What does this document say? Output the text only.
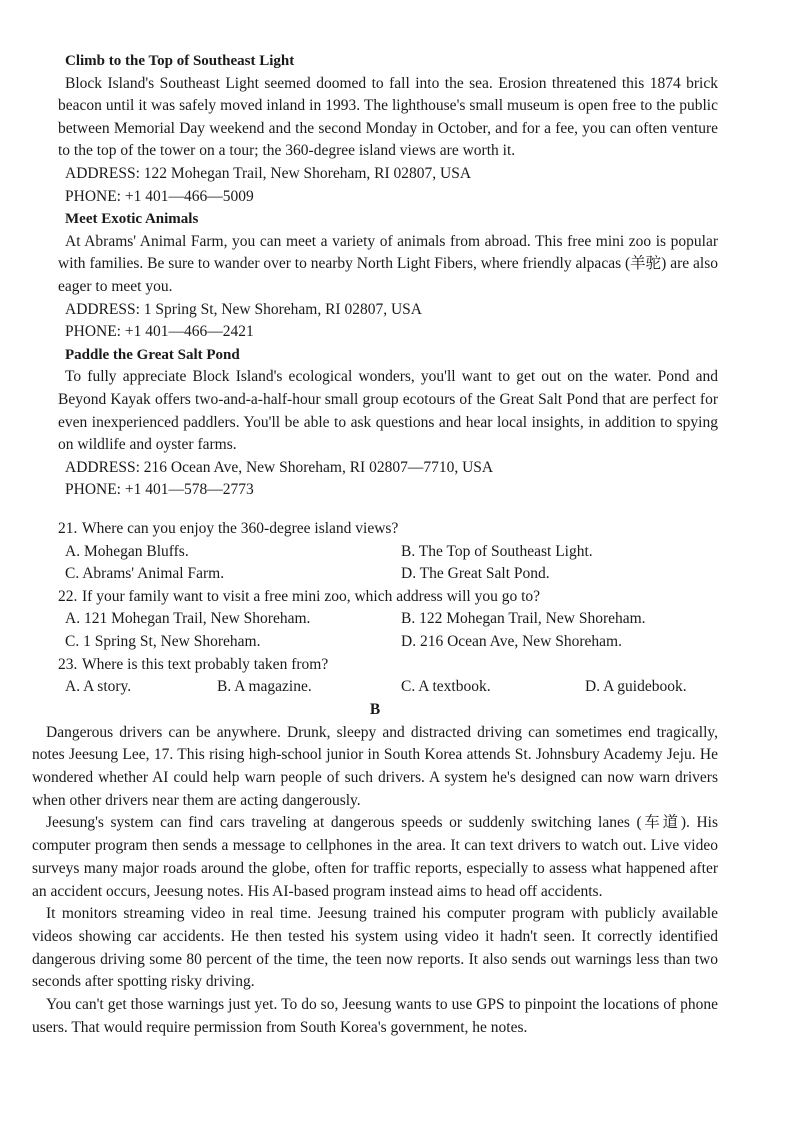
Climb to the Top of Southeast Light

Block Island's Southeast Light seemed doomed to fall into the sea. Erosion threatened this 1874 brick beacon until it was safely moved inland in 1993. The lighthouse's small museum is open free to the public between Memorial Day weekend and the second Monday in October, and for a fee, you can often venture to the top of the tower on a tour; the 360-degree island views are worth it.

ADDRESS: 122 Mohegan Trail, New Shoreham, RI 02807, USA

PHONE: +1 401—466—5009

Meet Exotic Animals

At Abrams' Animal Farm, you can meet a variety of animals from abroad. This free mini zoo is popular with families. Be sure to wander over to nearby North Light Fibers, where friendly alpacas (羊驼) are also eager to meet you.

ADDRESS: 1 Spring St, New Shoreham, RI 02807, USA

PHONE: +1 401—466—2421

Paddle the Great Salt Pond

To fully appreciate Block Island's ecological wonders, you'll want to get out on the water. Pond and Beyond Kayak offers two-and-a-half-hour small group ecotours of the Great Salt Pond that are perfect for even inexperienced paddlers. You'll be able to ask questions and hear local insights, in addition to spying on wildlife and oyster farms.

ADDRESS: 216 Ocean Ave, New Shoreham, RI 02807—7710, USA

PHONE: +1 401—578—2773

21. Where can you enjoy the 360-degree island views?

A. Mohegan Bluffs.	B. The Top of Southeast Light.
C. Abrams' Animal Farm.	D. The Great Salt Pond.

22. If your family want to visit a free mini zoo, which address will you go to?

A. 121 Mohegan Trail, New Shoreham.	B. 122 Mohegan Trail, New Shoreham.
C. 1 Spring St, New Shoreham.	D. 216 Ocean Ave, New Shoreham.

23. Where is this text probably taken from?

A. A story.	B. A magazine.	C. A textbook.	D. A guidebook.

B

Dangerous drivers can be anywhere. Drunk, sleepy and distracted driving can sometimes end tragically, notes Jeesung Lee, 17. This rising high-school junior in South Korea attends St. Johnsbury Academy Jeju. He wondered whether AI could help warn people of such drivers. A system he's designed can now warn drivers when other drivers near them are acting dangerously.

Jeesung's system can find cars traveling at dangerous speeds or suddenly switching lanes (车道). His computer program then sends a message to cellphones in the area. It can text drivers to watch out. Live video surveys many major roads around the globe, often for traffic reports, especially to assess what happened after an accident occurs, Jeesung notes. His AI-based program instead aims to head off accidents.

It monitors streaming video in real time. Jeesung trained his computer program with publicly available videos showing car accidents. He then tested his system using video it hadn't seen. It correctly identified dangerous driving some 80 percent of the time, the teen now reports. It also sends out warnings less than two seconds after spotting risky driving.

You can't get those warnings just yet. To do so, Jeesung wants to use GPS to pinpoint the locations of phone users. That would require permission from South Korea's government, he notes.
